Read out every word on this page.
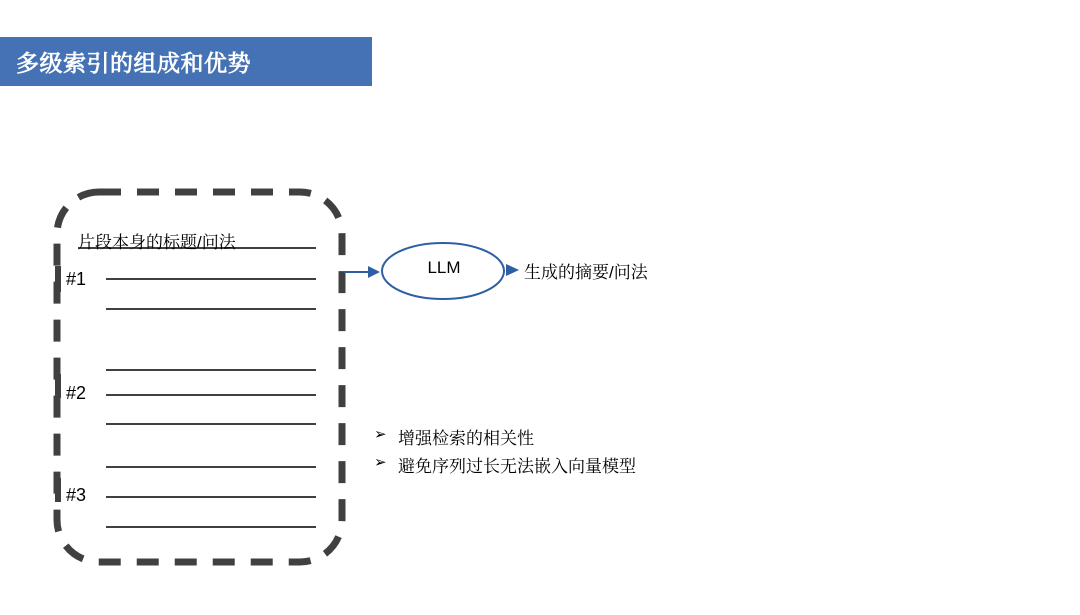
多级索引的组成和优势
片段本身的标题/问法
#1
#2
#3
LLM	生成的摘要/问法
➢ 增强检索的相关性
➢ 避免序列过长无法嵌入向量模型
